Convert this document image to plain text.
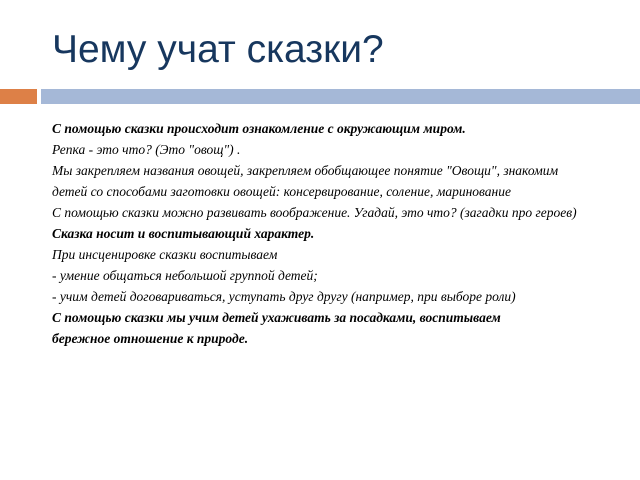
Чему учат сказки?
С помощью сказки происходит ознакомление с окружающим миром.
Репка - это что? (Это "овощ") .
Мы закрепляем названия овощей, закрепляем обобщающее понятие "Овощи", знакомим
детей со способами заготовки овощей: консервирование, соление, маринование
С помощью сказки можно развивать воображение. Угадай, это что? (загадки про героев)
Сказка носит и воспитывающий характер.
При инсценировке сказки воспитываем
- умение общаться небольшой группой детей;
- учим детей договариваться, уступать друг другу (например, при выборе роли)
С помощью сказки мы учим детей ухаживать за посадками, воспитываем
бережное отношение к природе.
